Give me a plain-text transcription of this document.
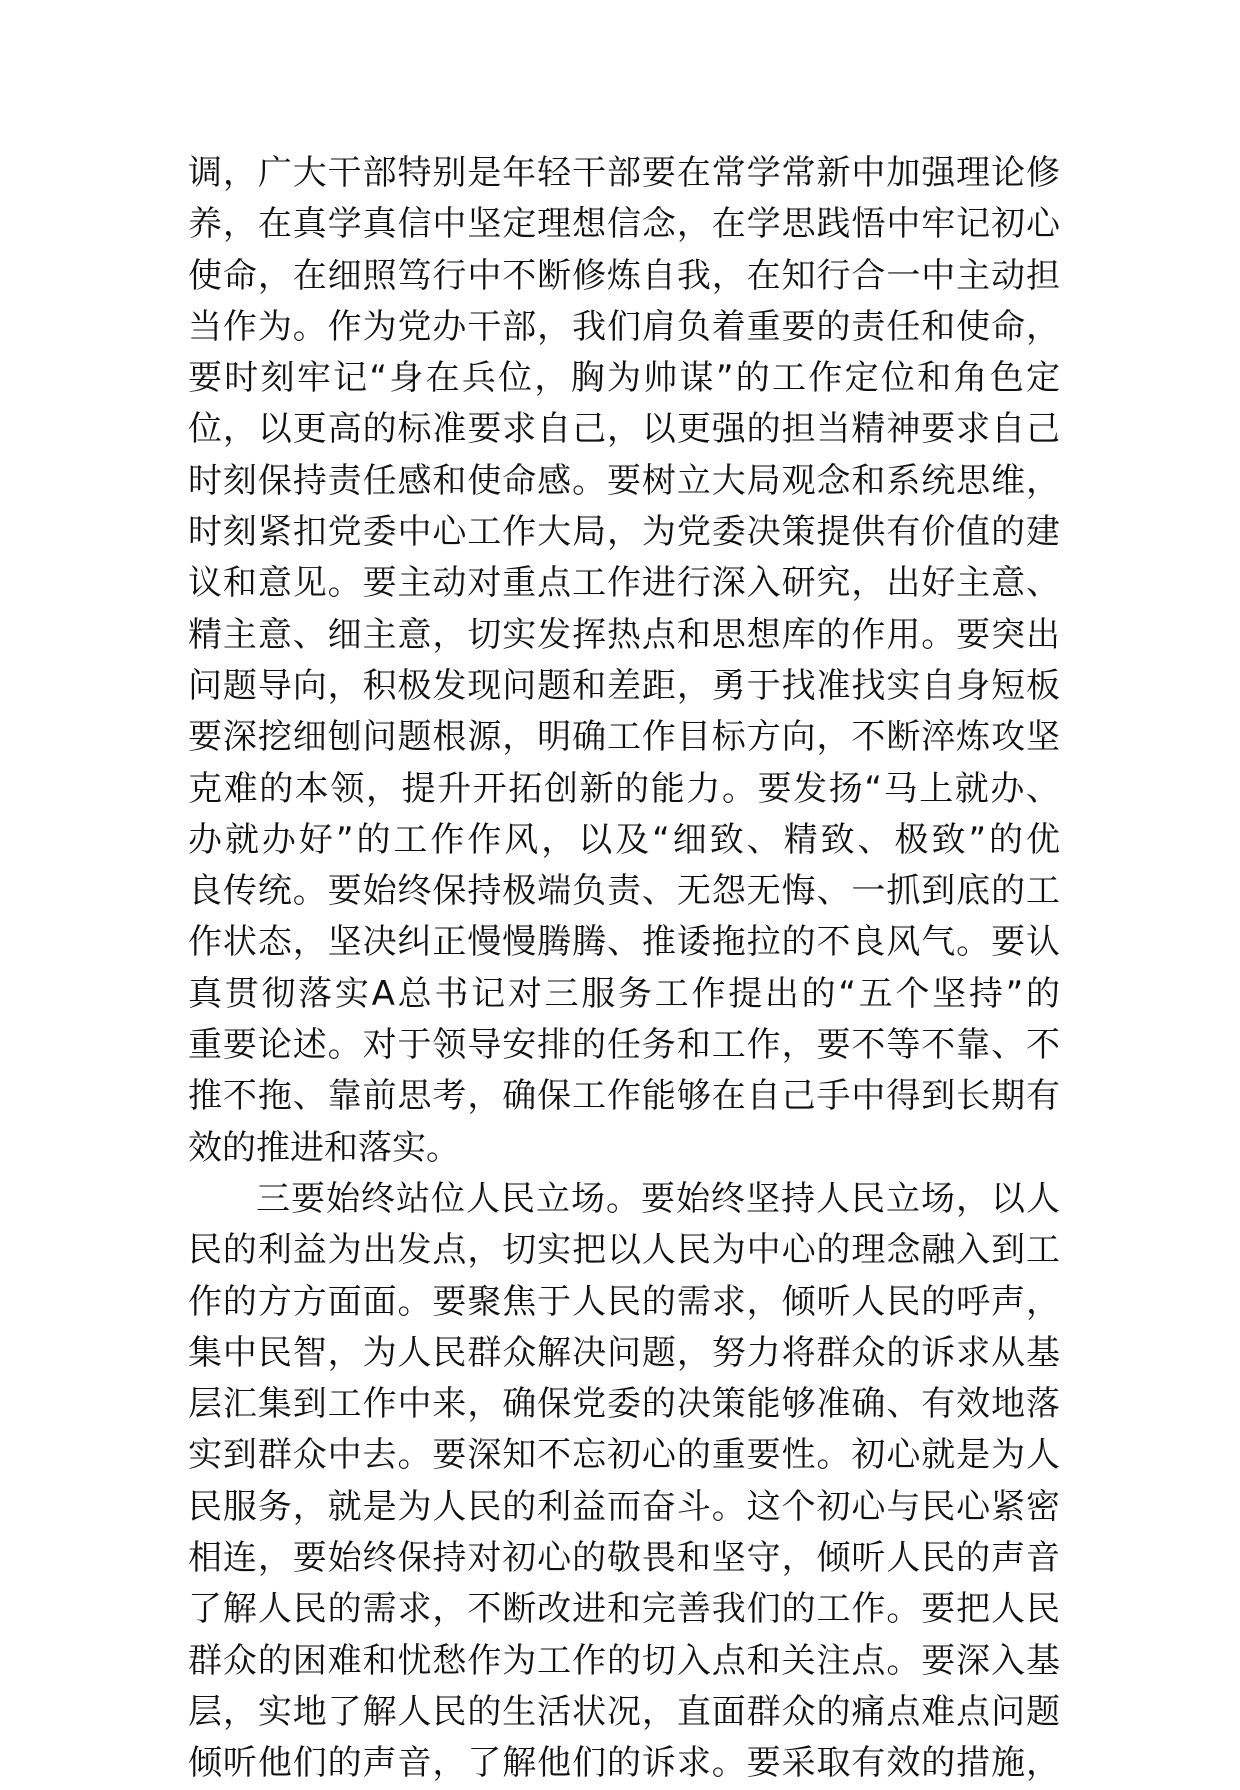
调，广大干部特别是年轻干部要在常学常新中加强理论修
养，在真学真信中坚定理想信念，在学思践悟中牢记初心
使命，在细照笃行中不断修炼自我，在知行合一中主动担
当作为。作为党办干部，我们肩负着重要的责任和使命，
要时刻牢记“身在兵位，胸为帅谋”的工作定位和角色定
位，以更高的标准要求自己，以更强的担当精神要求自己
时刻保持责任感和使命感。要树立大局观念和系统思维，
时刻紧扣党委中心工作大局，为党委决策提供有价值的建
议和意见。要主动对重点工作进行深入研究，出好主意、
精主意、细主意，切实发挥热点和思想库的作用。要突出
问题导向，积极发现问题和差距，勇于找准找实自身短板
要深挖细刨问题根源，明确工作目标方向，不断淬炼攻坚
克难的本领，提升开拓创新的能力。要发扬“马上就办、
办就办好”的工作作风，以及“细致、精致、极致”的优
良传统。要始终保持极端负责、无怨无悔、一抓到底的工
作状态，坚决纠正慢慢腾腾、推诿拖拉的不良风气。要认
真贯彻落实A总书记对三服务工作提出的“五个坚持”的
重要论述。对于领导安排的任务和工作，要不等不靠、不
推不拖、靠前思考，确保工作能够在自己手中得到长期有
效的推进和落实。
三要始终站位人民立场。要始终坚持人民立场，以人
民的利益为出发点，切实把以人民为中心的理念融入到工
作的方方面面。要聚焦于人民的需求，倾听人民的呼声，
集中民智，为人民群众解决问题，努力将群众的诉求从基
层汇集到工作中来，确保党委的决策能够准确、有效地落
实到群众中去。要深知不忘初心的重要性。初心就是为人
民服务，就是为人民的利益而奋斗。这个初心与民心紧密
相连，要始终保持对初心的敬畏和坚守，倾听人民的声音
了解人民的需求，不断改进和完善我们的工作。要把人民
群众的困难和忧愁作为工作的切入点和关注点。要深入基
层，实地了解人民的生活状况，直面群众的痛点难点问题
倾听他们的声音，了解他们的诉求。要采取有效的措施，
